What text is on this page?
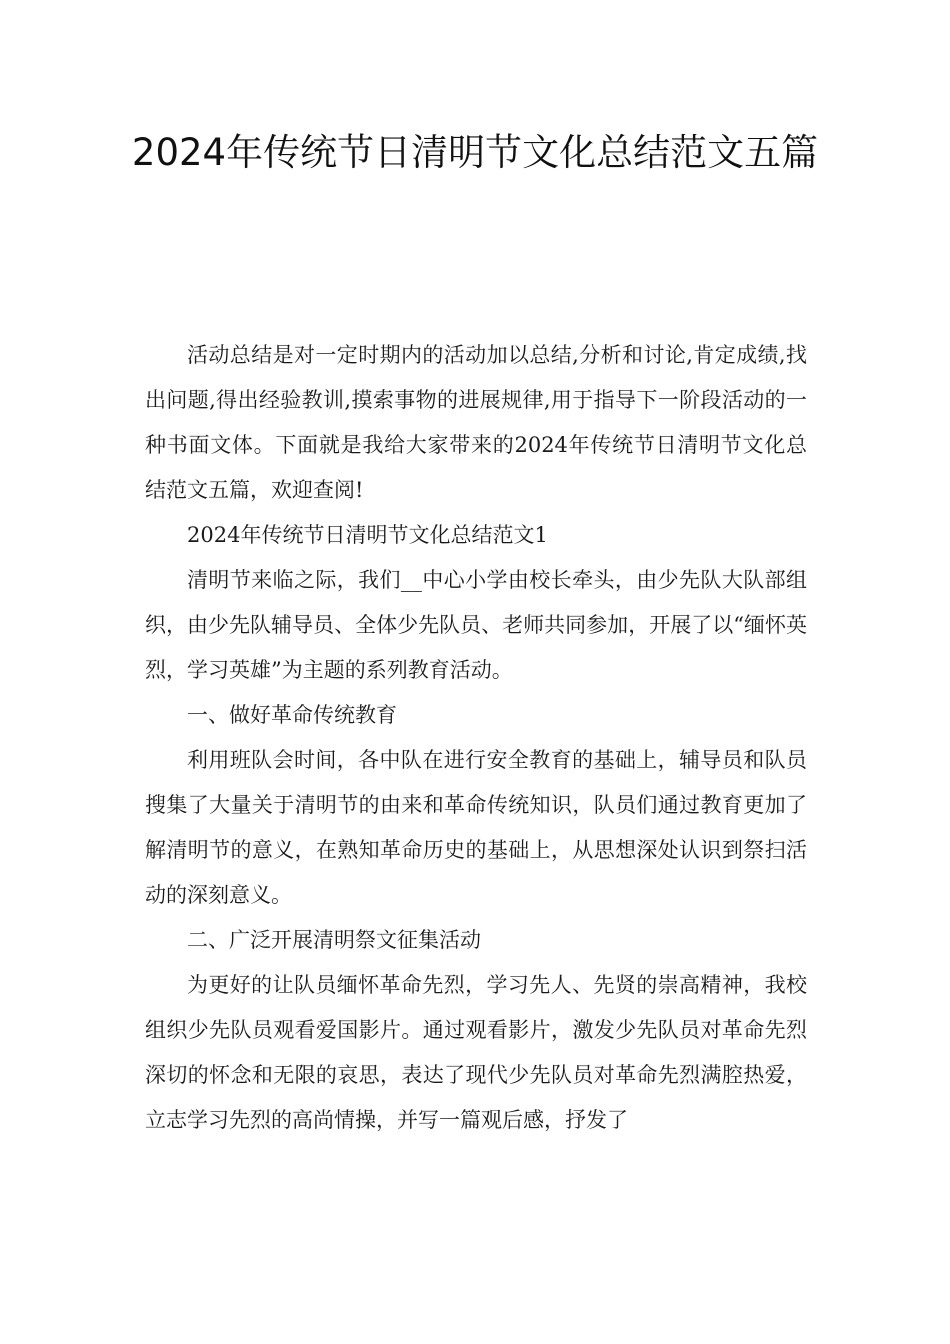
2024年传统节日清明节文化总结范文五篇

活动总结是对一定时期内的活动加以总结,分析和讨论,肯定成绩,找出问题,得出经验教训,摸索事物的进展规律,用于指导下一阶段活动的一种书面文体。下面就是我给大家带来的2024年传统节日清明节文化总结范文五篇，欢迎查阅!

2024年传统节日清明节文化总结范文1

清明节来临之际，我们__中心小学由校长牵头，由少先队大队部组织，由少先队辅导员、全体少先队员、老师共同参加，开展了以“缅怀英烈，学习英雄”为主题的系列教育活动。

一、做好革命传统教育

利用班队会时间，各中队在进行安全教育的基础上，辅导员和队员搜集了大量关于清明节的由来和革命传统知识，队员们通过教育更加了解清明节的意义，在熟知革命历史的基础上，从思想深处认识到祭扫活动的深刻意义。

二、广泛开展清明祭文征集活动

为更好的让队员缅怀革命先烈，学习先人、先贤的崇高精神，我校组织少先队员观看爱国影片。通过观看影片，激发少先队员对革命先烈深切的怀念和无限的哀思，表达了现代少先队员对革命先烈满腔热爱，立志学习先烈的高尚情操，并写一篇观后感，抒发了
